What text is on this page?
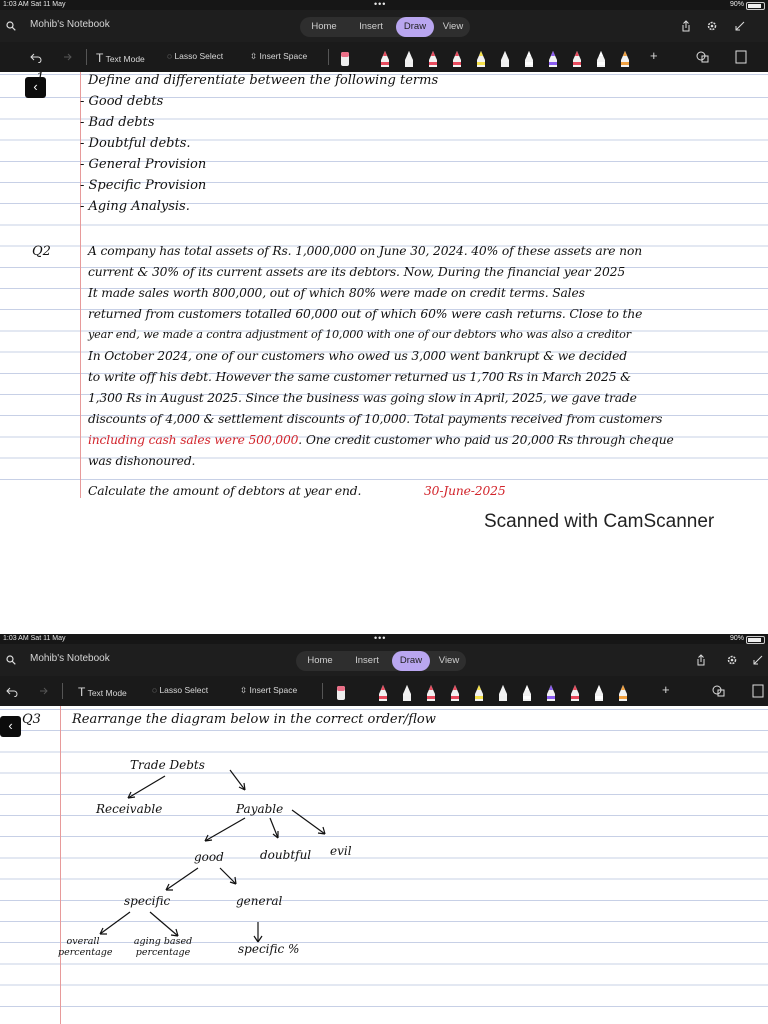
1:03 AM Sat 11 May	•••	90%
Mohib's Notebook	Home	Insert	Draw	View
T Text Mode	◌ Lasso Select	⇳ Insert Space	+
‹
1	Define and differentiate between the following terms
- Good debts
- Bad debts
- Doubtful debts.
- General Provision
- Specific Provision
- Aging Analysis.
Q2	A company has total assets of Rs. 1,000,000 on June 30, 2024. 40% of these assets are non
current & 30% of its current assets are its debtors. Now, During the financial year 2025
It made sales worth 800,000, out of which 80% were made on credit terms. Sales
returned from customers totalled 60,000 out of which 60% were cash returns. Close to the
year end, we made a contra adjustment of 10,000 with one of our debtors who was also a creditor
In October 2024, one of our customers who owed us 3,000 went bankrupt & we decided
to write off his debt. However the same customer returned us 1,700 Rs in March 2025 &
1,300 Rs in August 2025. Since the business was going slow in April, 2025, we gave trade
discounts of 4,000 & settlement discounts of 10,000. Total payments received from customers
including cash sales were 500,000. One credit customer who paid us 20,000 Rs through cheque
was dishonoured.
Calculate the amount of debtors at year end.	30-June-2025
Scanned with CamScanner
1:03 AM Sat 11 May	•••	90%
Mohib's Notebook	Home	Insert	Draw	View
T Text Mode	◌ Lasso Select	⇳ Insert Space	+
‹ Q3 Rearrange the diagram below in the correct order/flow
Trade Debts
Receivable	Payable
good	doubtful evil
specific	general
overall percentage
aging based percentage	specific %
